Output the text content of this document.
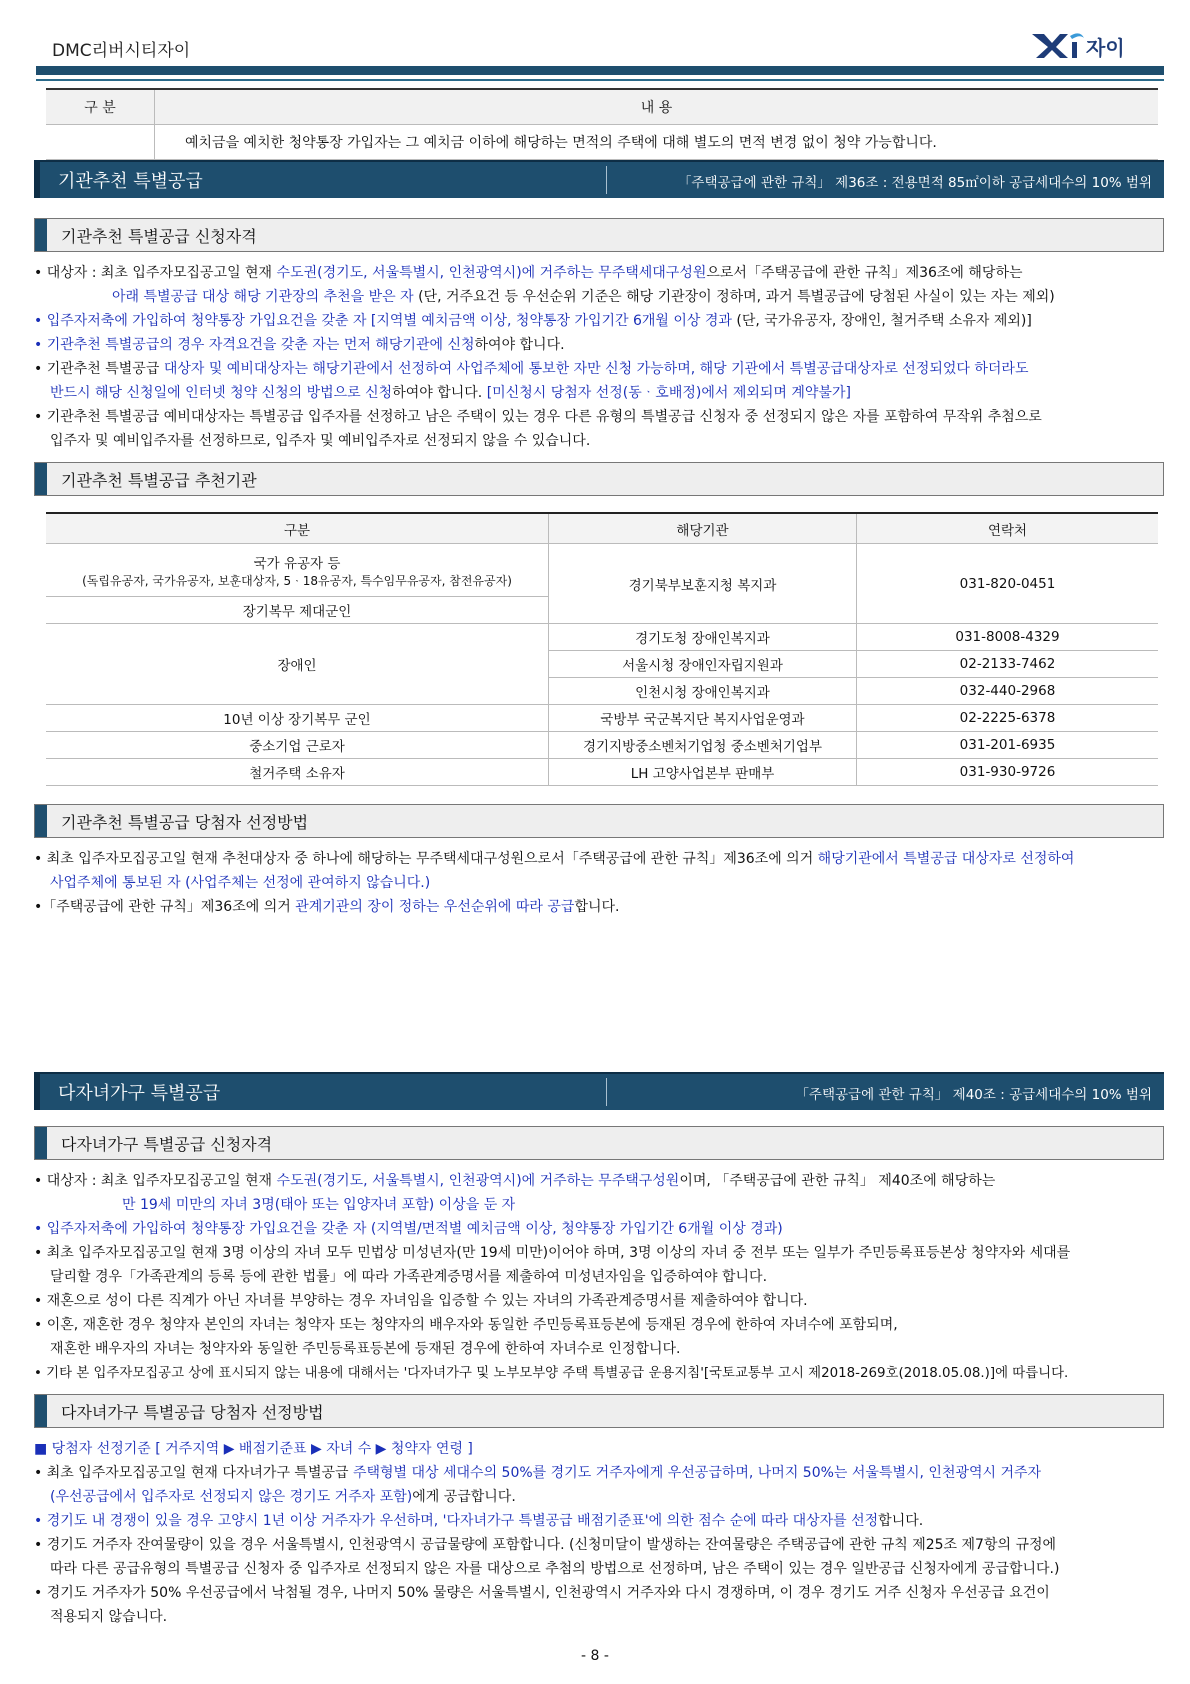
DMC리버시티자이	자이
구 분	내 용
	예치금을 예치한 청약통장 가입자는 그 예치금 이하에 해당하는 면적의 주택에 대해 별도의 면적 변경 없이 청약 가능합니다.
기관추천 특별공급	「주택공급에 관한 규칙」 제36조 : 전용면적 85㎡이하 공급세대수의 10% 범위
기관추천 특별공급 신청자격
• 대상자 : 최초 입주자모집공고일 현재 수도권(경기도, 서울특별시, 인천광역시)에 거주하는 무주택세대구성원으로서「주택공급에 관한 규칙」제36조에 해당하는
아래 특별공급 대상 해당 기관장의 추천을 받은 자 (단, 거주요건 등 우선순위 기준은 해당 기관장이 정하며, 과거 특별공급에 당첨된 사실이 있는 자는 제외)
• 입주자저축에 가입하여 청약통장 가입요건을 갖춘 자 [지역별 예치금액 이상, 청약통장 가입기간 6개월 이상 경과 (단, 국가유공자, 장애인, 철거주택 소유자 제외)]
• 기관추천 특별공급의 경우 자격요건을 갖춘 자는 먼저 해당기관에 신청하여야 합니다.
• 기관추천 특별공급 대상자 및 예비대상자는 해당기관에서 선정하여 사업주체에 통보한 자만 신청 가능하며, 해당 기관에서 특별공급대상자로 선정되었다 하더라도
반드시 해당 신청일에 인터넷 청약 신청의 방법으로 신청하여야 합니다. [미신청시 당첨자 선정(동ᆞ호배정)에서 제외되며 계약불가]
• 기관추천 특별공급 예비대상자는 특별공급 입주자를 선정하고 남은 주택이 있는 경우 다른 유형의 특별공급 신청자 중 선정되지 않은 자를 포함하여 무작위 추첨으로
입주자 및 예비입주자를 선정하므로, 입주자 및 예비입주자로 선정되지 않을 수 있습니다.
기관추천 특별공급 추천기관
구분	해당기관	연락처

국가 유공자 등
(독립유공자, 국가유공자, 보훈대상자, 5ᆞ18유공자, 특수임무유공자, 참전유공자)	경기북부보훈지청 복지과	031-820-0451
장기복무 제대군인		
장애인	경기도청 장애인복지과	031-8008-4329
	서울시청 장애인자립지원과	02-2133-7462
	인천시청 장애인복지과	032-440-2968
10년 이상 장기복무 군인	국방부 국군복지단 복지사업운영과	02-2225-6378
중소기업 근로자	경기지방중소벤처기업청 중소벤처기업부	031-201-6935
철거주택 소유자	LH 고양사업본부 판매부	031-930-9726
기관추천 특별공급 당첨자 선정방법
• 최초 입주자모집공고일 현재 추천대상자 중 하나에 해당하는 무주택세대구성원으로서「주택공급에 관한 규칙」제36조에 의거 해당기관에서 특별공급 대상자로 선정하여
사업주체에 통보된 자 (사업주체는 선정에 관여하지 않습니다.)
•「주택공급에 관한 규칙」제36조에 의거 관계기관의 장이 정하는 우선순위에 따라 공급합니다.
다자녀가구 특별공급	「주택공급에 관한 규칙」 제40조 : 공급세대수의 10% 범위
다자녀가구 특별공급 신청자격
• 대상자 : 최초 입주자모집공고일 현재 수도권(경기도, 서울특별시, 인천광역시)에 거주하는 무주택구성원이며, 「주택공급에 관한 규칙」 제40조에 해당하는
만 19세 미만의 자녀 3명(태아 또는 입양자녀 포함) 이상을 둔 자
• 입주자저축에 가입하여 청약통장 가입요건을 갖춘 자 (지역별/면적별 예치금액 이상, 청약통장 가입기간 6개월 이상 경과)
• 최초 입주자모집공고일 현재 3명 이상의 자녀 모두 민법상 미성년자(만 19세 미만)이어야 하며, 3명 이상의 자녀 중 전부 또는 일부가 주민등록표등본상 청약자와 세대를
달리할 경우「가족관계의 등록 등에 관한 법률」에 따라 가족관계증명서를 제출하여 미성년자임을 입증하여야 합니다.
• 재혼으로 성이 다른 직계가 아닌 자녀를 부양하는 경우 자녀임을 입증할 수 있는 자녀의 가족관계증명서를 제출하여야 합니다.
• 이혼, 재혼한 경우 청약자 본인의 자녀는 청약자 또는 청약자의 배우자와 동일한 주민등록표등본에 등재된 경우에 한하여 자녀수에 포함되며,
재혼한 배우자의 자녀는 청약자와 동일한 주민등록표등본에 등재된 경우에 한하여 자녀수로 인정합니다.
• 기타 본 입주자모집공고 상에 표시되지 않는 내용에 대해서는 '다자녀가구 및 노부모부양 주택 특별공급 운용지침'[국토교통부 고시 제2018-269호(2018.05.08.)]에 따릅니다.
다자녀가구 특별공급 당첨자 선정방법
■ 당첨자 선정기준 [ 거주지역 ▶ 배점기준표 ▶ 자녀 수 ▶ 청약자 연령 ]
• 최초 입주자모집공고일 현재 다자녀가구 특별공급 주택형별 대상 세대수의 50%를 경기도 거주자에게 우선공급하며, 나머지 50%는 서울특별시, 인천광역시 거주자
(우선공급에서 입주자로 선정되지 않은 경기도 거주자 포함)에게 공급합니다.
• 경기도 내 경쟁이 있을 경우 고양시 1년 이상 거주자가 우선하며, '다자녀가구 특별공급 배점기준표'에 의한 점수 순에 따라 대상자를 선정합니다.
• 경기도 거주자 잔여물량이 있을 경우 서울특별시, 인천광역시 공급물량에 포함합니다. (신청미달이 발생하는 잔여물량은 주택공급에 관한 규칙 제25조 제7항의 규정에
따라 다른 공급유형의 특별공급 신청자 중 입주자로 선정되지 않은 자를 대상으로 추첨의 방법으로 선정하며, 남은 주택이 있는 경우 일반공급 신청자에게 공급합니다.)
• 경기도 거주자가 50% 우선공급에서 낙첨될 경우, 나머지 50% 물량은 서울특별시, 인천광역시 거주자와 다시 경쟁하며, 이 경우 경기도 거주 신청자 우선공급 요건이
적용되지 않습니다.
- 8 -
